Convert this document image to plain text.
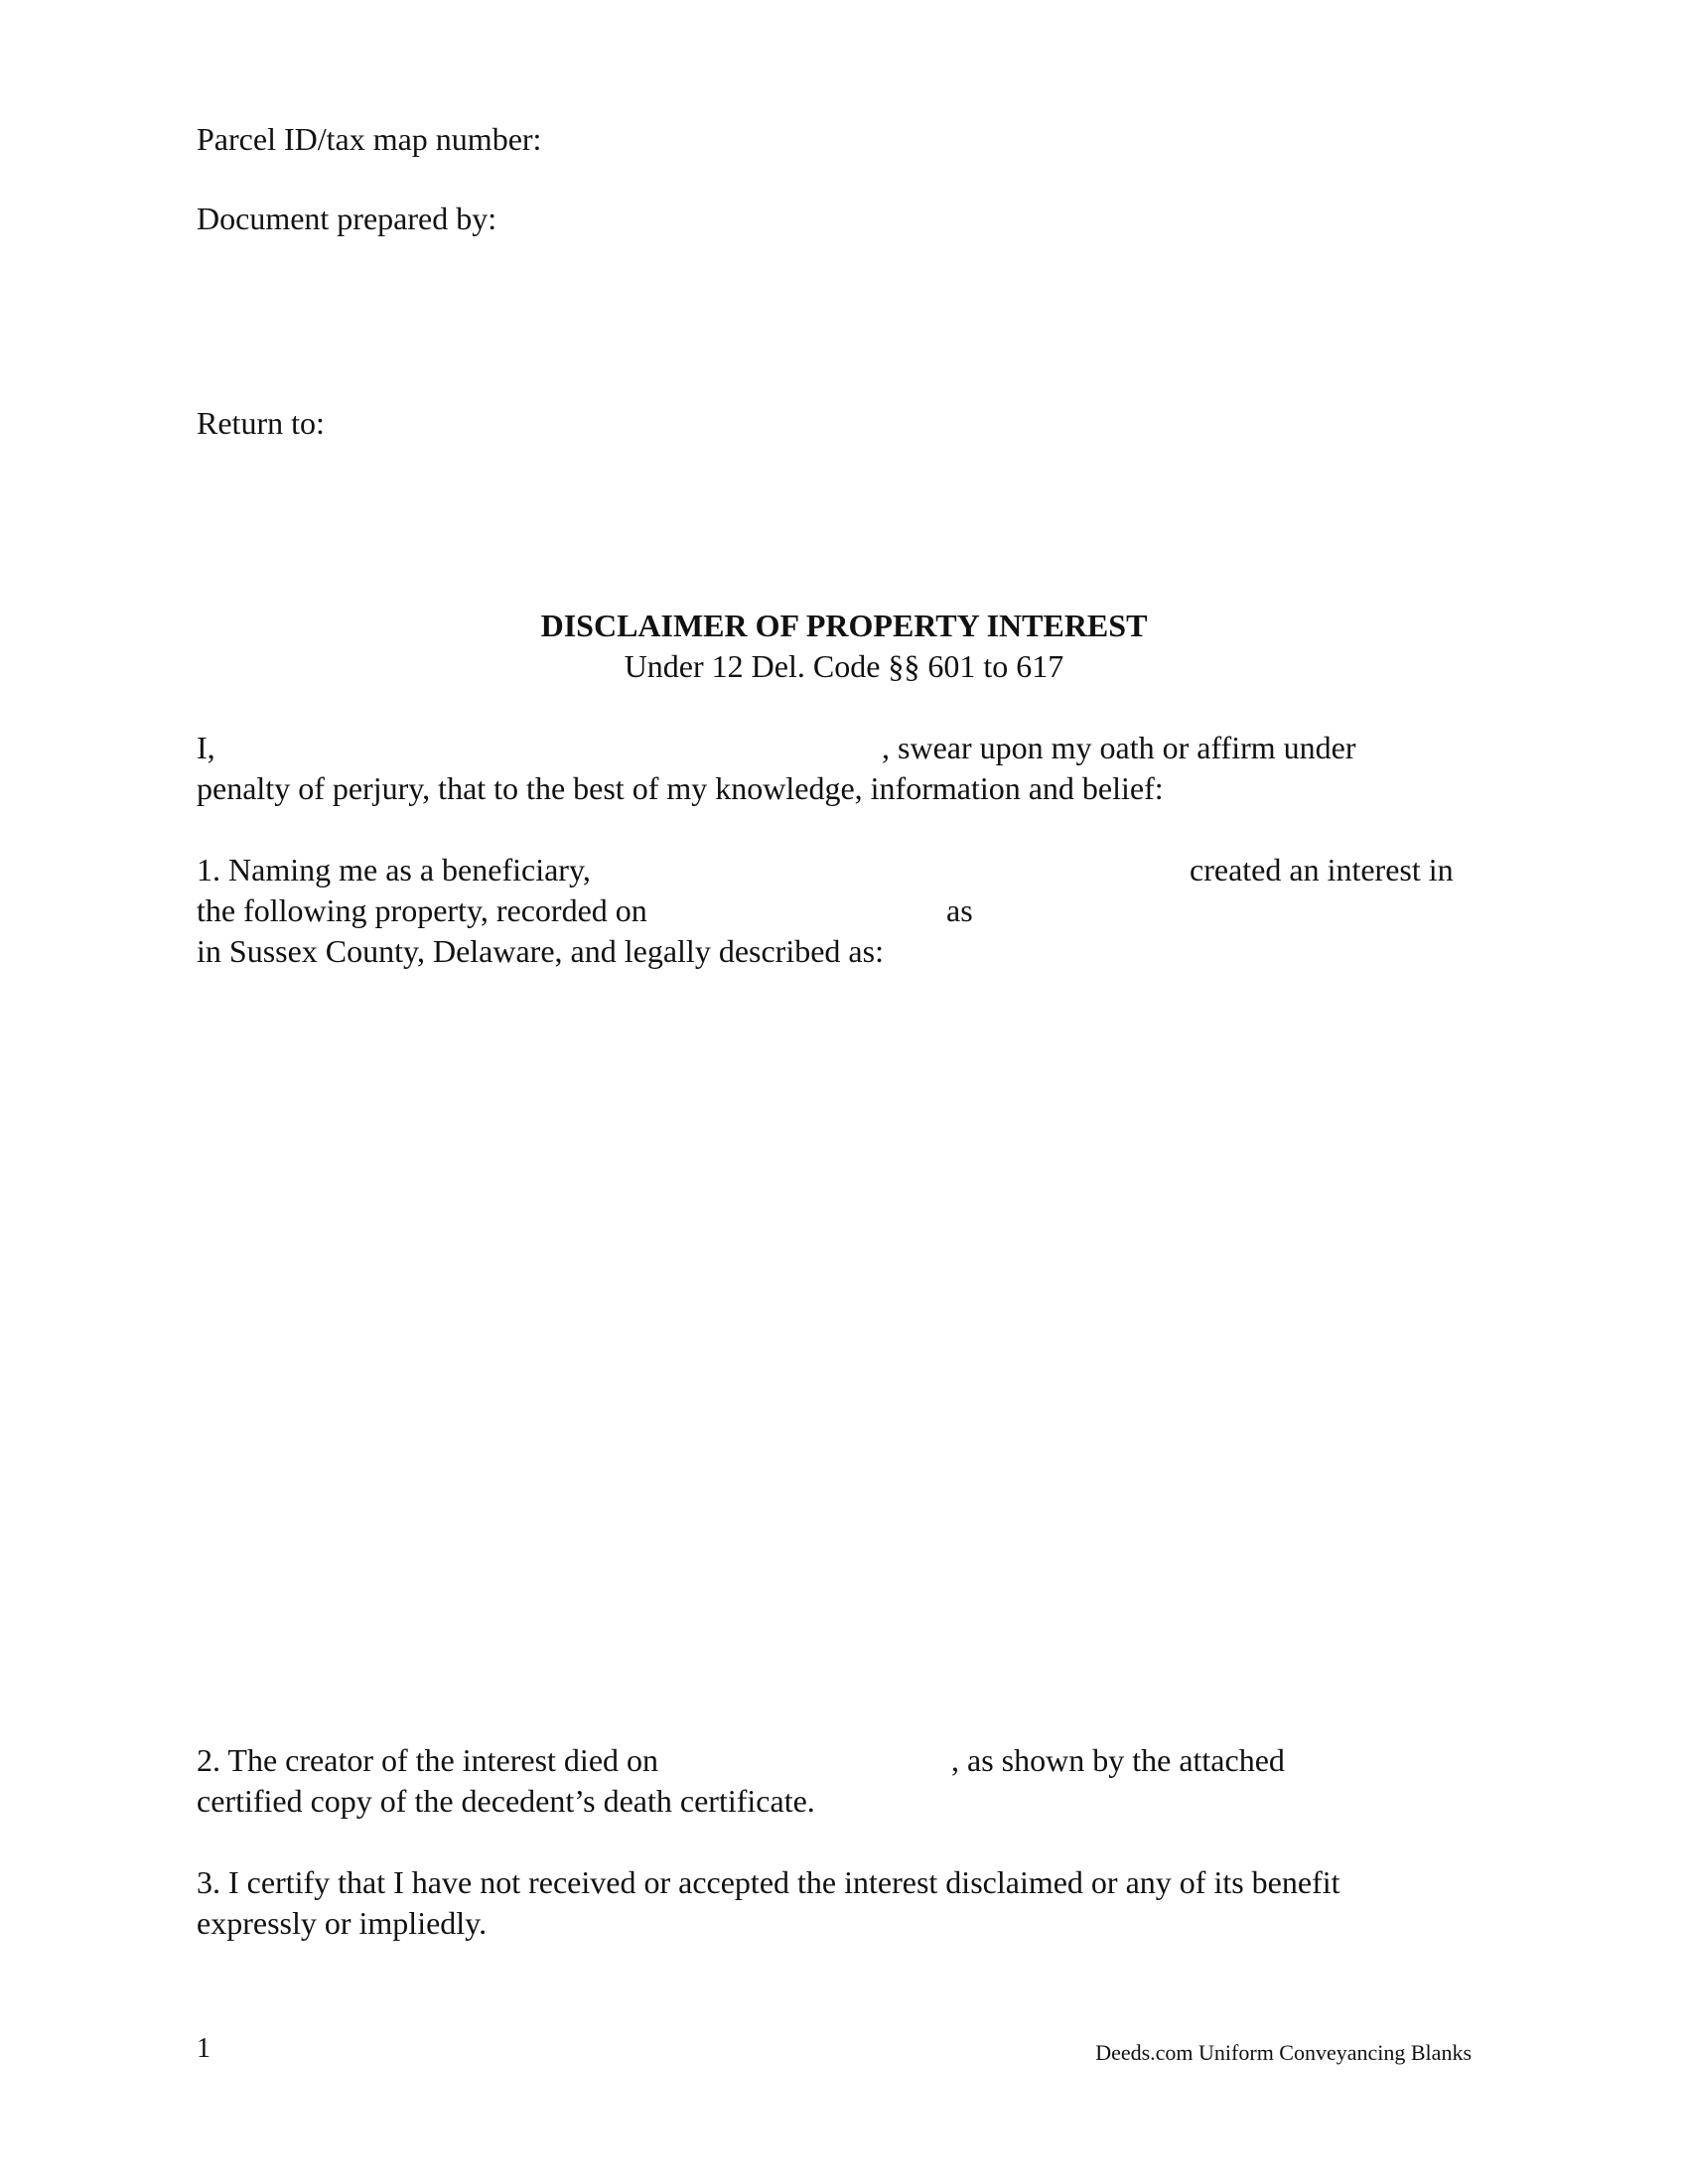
Parcel ID/tax map number:
Document prepared by:
Return to:
DISCLAIMER OF PROPERTY INTEREST
Under 12 Del. Code §§ 601 to 617
I,	, swear upon my oath or affirm under
penalty of perjury, that to the best of my knowledge, information and belief:
1. Naming me as a beneficiary,	created an interest in
the following property, recorded on	as
in Sussex County, Delaware, and legally described as:
2. The creator of the interest died on	, as shown by the attached
certified copy of the decedent’s death certificate.
3. I certify that I have not received or accepted the interest disclaimed or any of its benefit
expressly or impliedly.
1	Deeds.com Uniform Conveyancing Blanks
